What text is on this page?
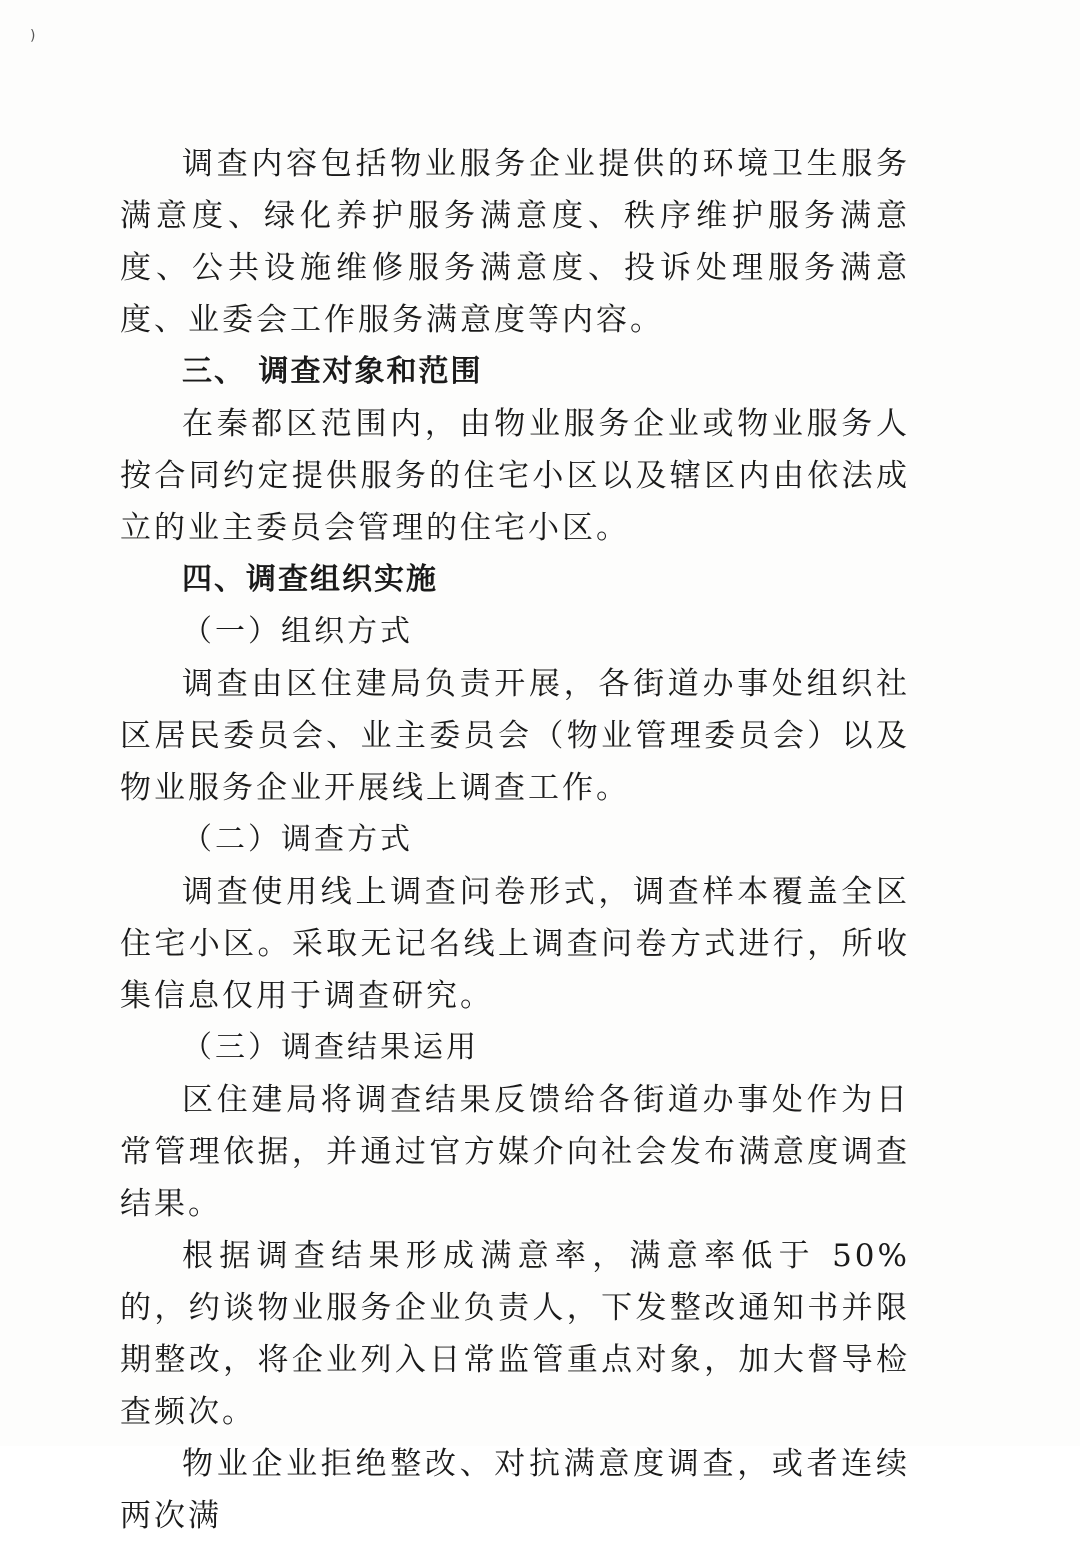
)

调查内容包括物业服务企业提供的环境卫生服务满意度、绿化养护服务满意度、秩序维护服务满意度、公共设施维修服务满意度、投诉处理服务满意度、业委会工作服务满意度等内容。

三、 调查对象和范围

在秦都区范围内，由物业服务企业或物业服务人按合同约定提供服务的住宅小区以及辖区内由依法成立的业主委员会管理的住宅小区。

四、调查组织实施

（一）组织方式

调查由区住建局负责开展，各街道办事处组织社区居民委员会、业主委员会（物业管理委员会）以及物业服务企业开展线上调查工作。

（二）调查方式

调查使用线上调查问卷形式，调查样本覆盖全区住宅小区。采取无记名线上调查问卷方式进行，所收集信息仅用于调查研究。

（三）调查结果运用

区住建局将调查结果反馈给各街道办事处作为日常管理依据，并通过官方媒介向社会发布满意度调查结果。

根据调查结果形成满意率，满意率低于 50%的，约谈物业服务企业负责人，下发整改通知书并限期整改，将企业列入日常监管重点对象，加大督导检查频次。

物业企业拒绝整改、对抗满意度调查，或者连续两次满
